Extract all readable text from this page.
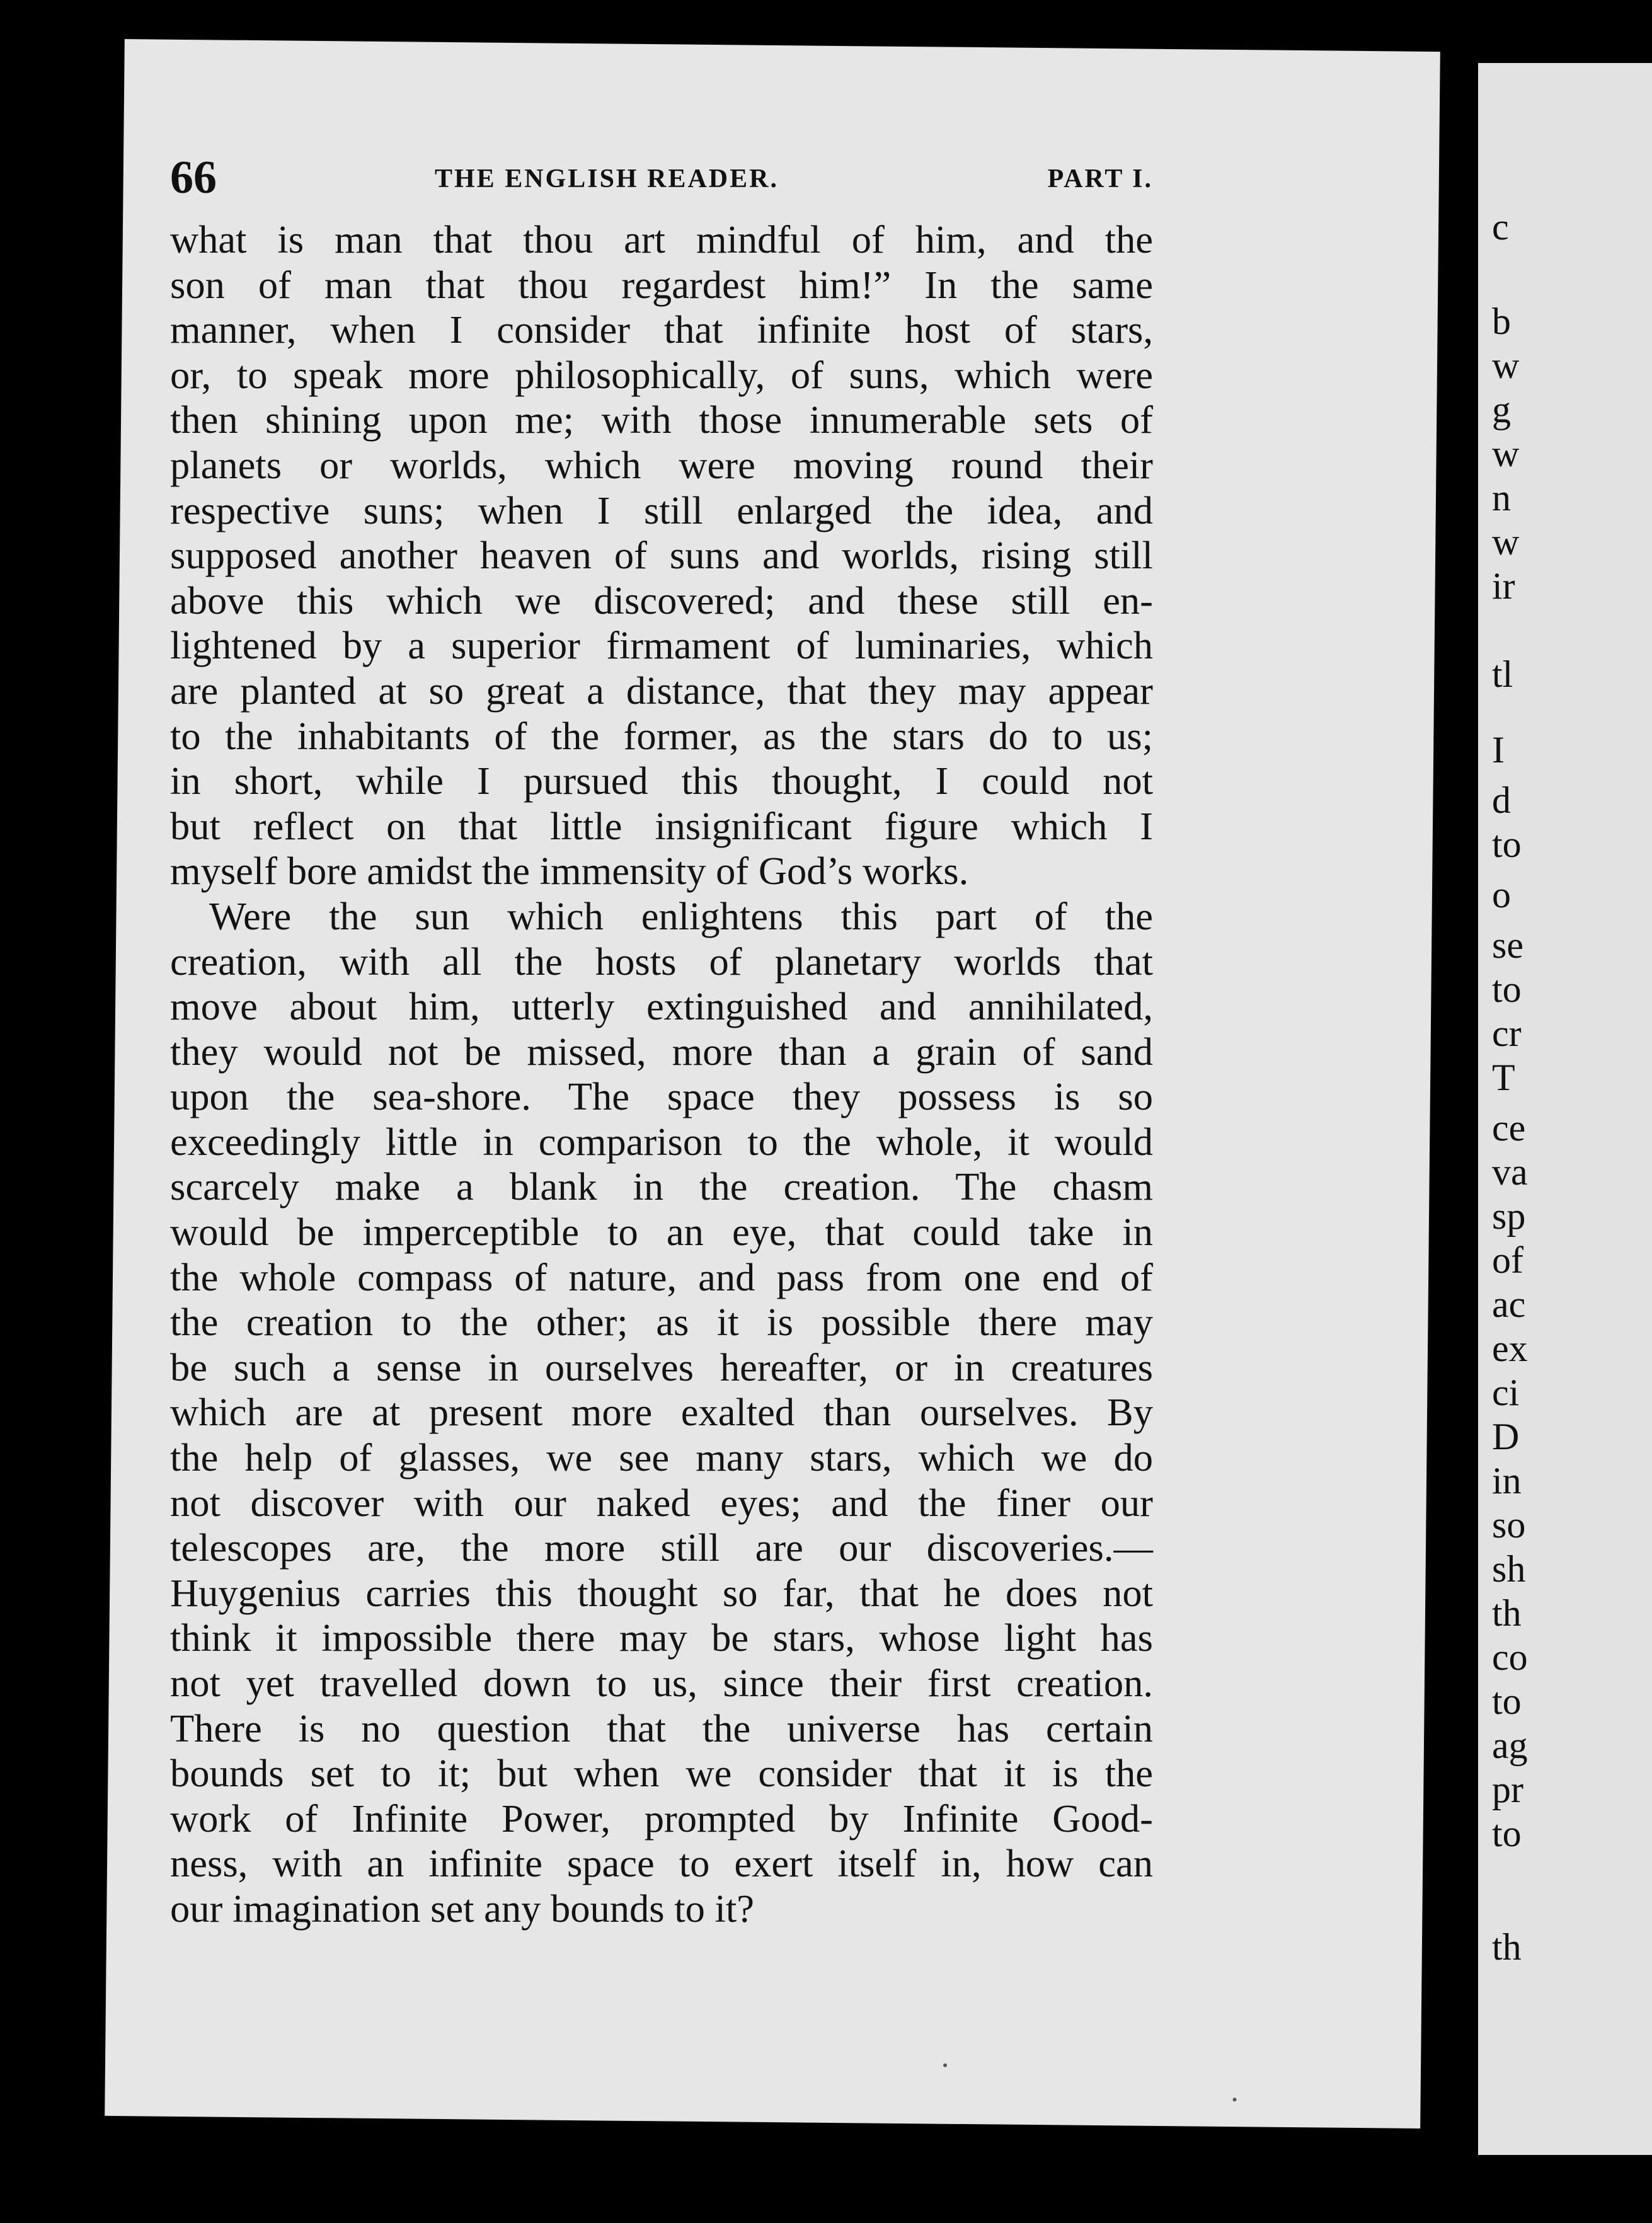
c
b
w
g
w
n
w
ir
tl
I
d
to
o
se
to
cr
T
ce
va
sp
of
ac
ex
ci
D
in
so
sh
th
co
to
ag
pr
to
th
66	THE ENGLISH READER.	PART I.
what is man that thou art mindful of him, and the
son of man that thou regardest him!” In the same
manner, when I consider that infinite host of stars,
or, to speak more philosophically, of suns, which were
then shining upon me; with those innumerable sets of
planets or worlds, which were moving round their
respective suns; when I still enlarged the idea, and
supposed another heaven of suns and worlds, rising still
above this which we discovered; and these still en-
lightened by a superior firmament of luminaries, which
are planted at so great a distance, that they may appear
to the inhabitants of the former, as the stars do to us;
in short, while I pursued this thought, I could not
but reflect on that little insignificant figure which I
myself bore amidst the immensity of God’s works.
Were the sun which enlightens this part of the
creation, with all the hosts of planetary worlds that
move about him, utterly extinguished and annihilated,
they would not be missed, more than a grain of sand
upon the sea-shore. The space they possess is so
exceedingly little in comparison to the whole, it would
scarcely make a blank in the creation. The chasm
would be imperceptible to an eye, that could take in
the whole compass of nature, and pass from one end of
the creation to the other; as it is possible there may
be such a sense in ourselves hereafter, or in creatures
which are at present more exalted than ourselves. By
the help of glasses, we see many stars, which we do
not discover with our naked eyes; and the finer our
telescopes are, the more still are our discoveries.—
Huygenius carries this thought so far, that he does not
think it impossible there may be stars, whose light has
not yet travelled down to us, since their first creation.
There is no question that the universe has certain
bounds set to it; but when we consider that it is the
work of Infinite Power, prompted by Infinite Good-
ness, with an infinite space to exert itself in, how can
our imagination set any bounds to it?
